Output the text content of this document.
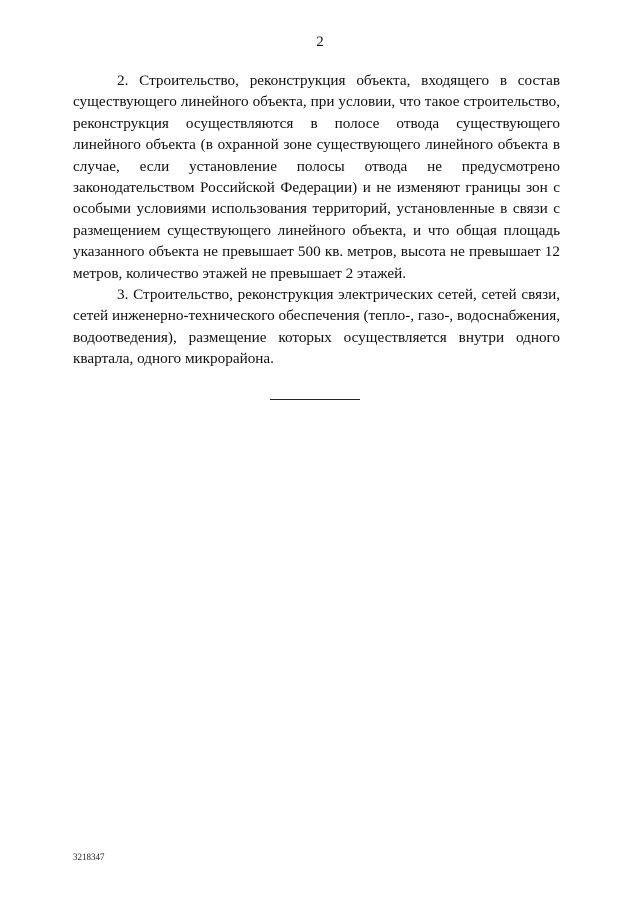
2

2. Строительство, реконструкция объекта, входящего в состав существующего линейного объекта, при условии, что такое строительство, реконструкция осуществляются в полосе отвода существующего линейного объекта (в охранной зоне существующего линейного объекта в случае, если установление полосы отвода не предусмотрено законодательством Российской Федерации) и не изменяют границы зон с особыми условиями использования территорий, установленные в связи с размещением существующего линейного объекта, и что общая площадь указанного объекта не превышает 500 кв. метров, высота не превышает 12 метров, количество этажей не превышает 2 этажей.

3. Строительство, реконструкция электрических сетей, сетей связи, сетей инженерно-технического обеспечения (тепло-, газо-, водоснабжения, водоотведения), размещение которых осуществляется внутри одного квартала, одного микрорайона.

3218347
